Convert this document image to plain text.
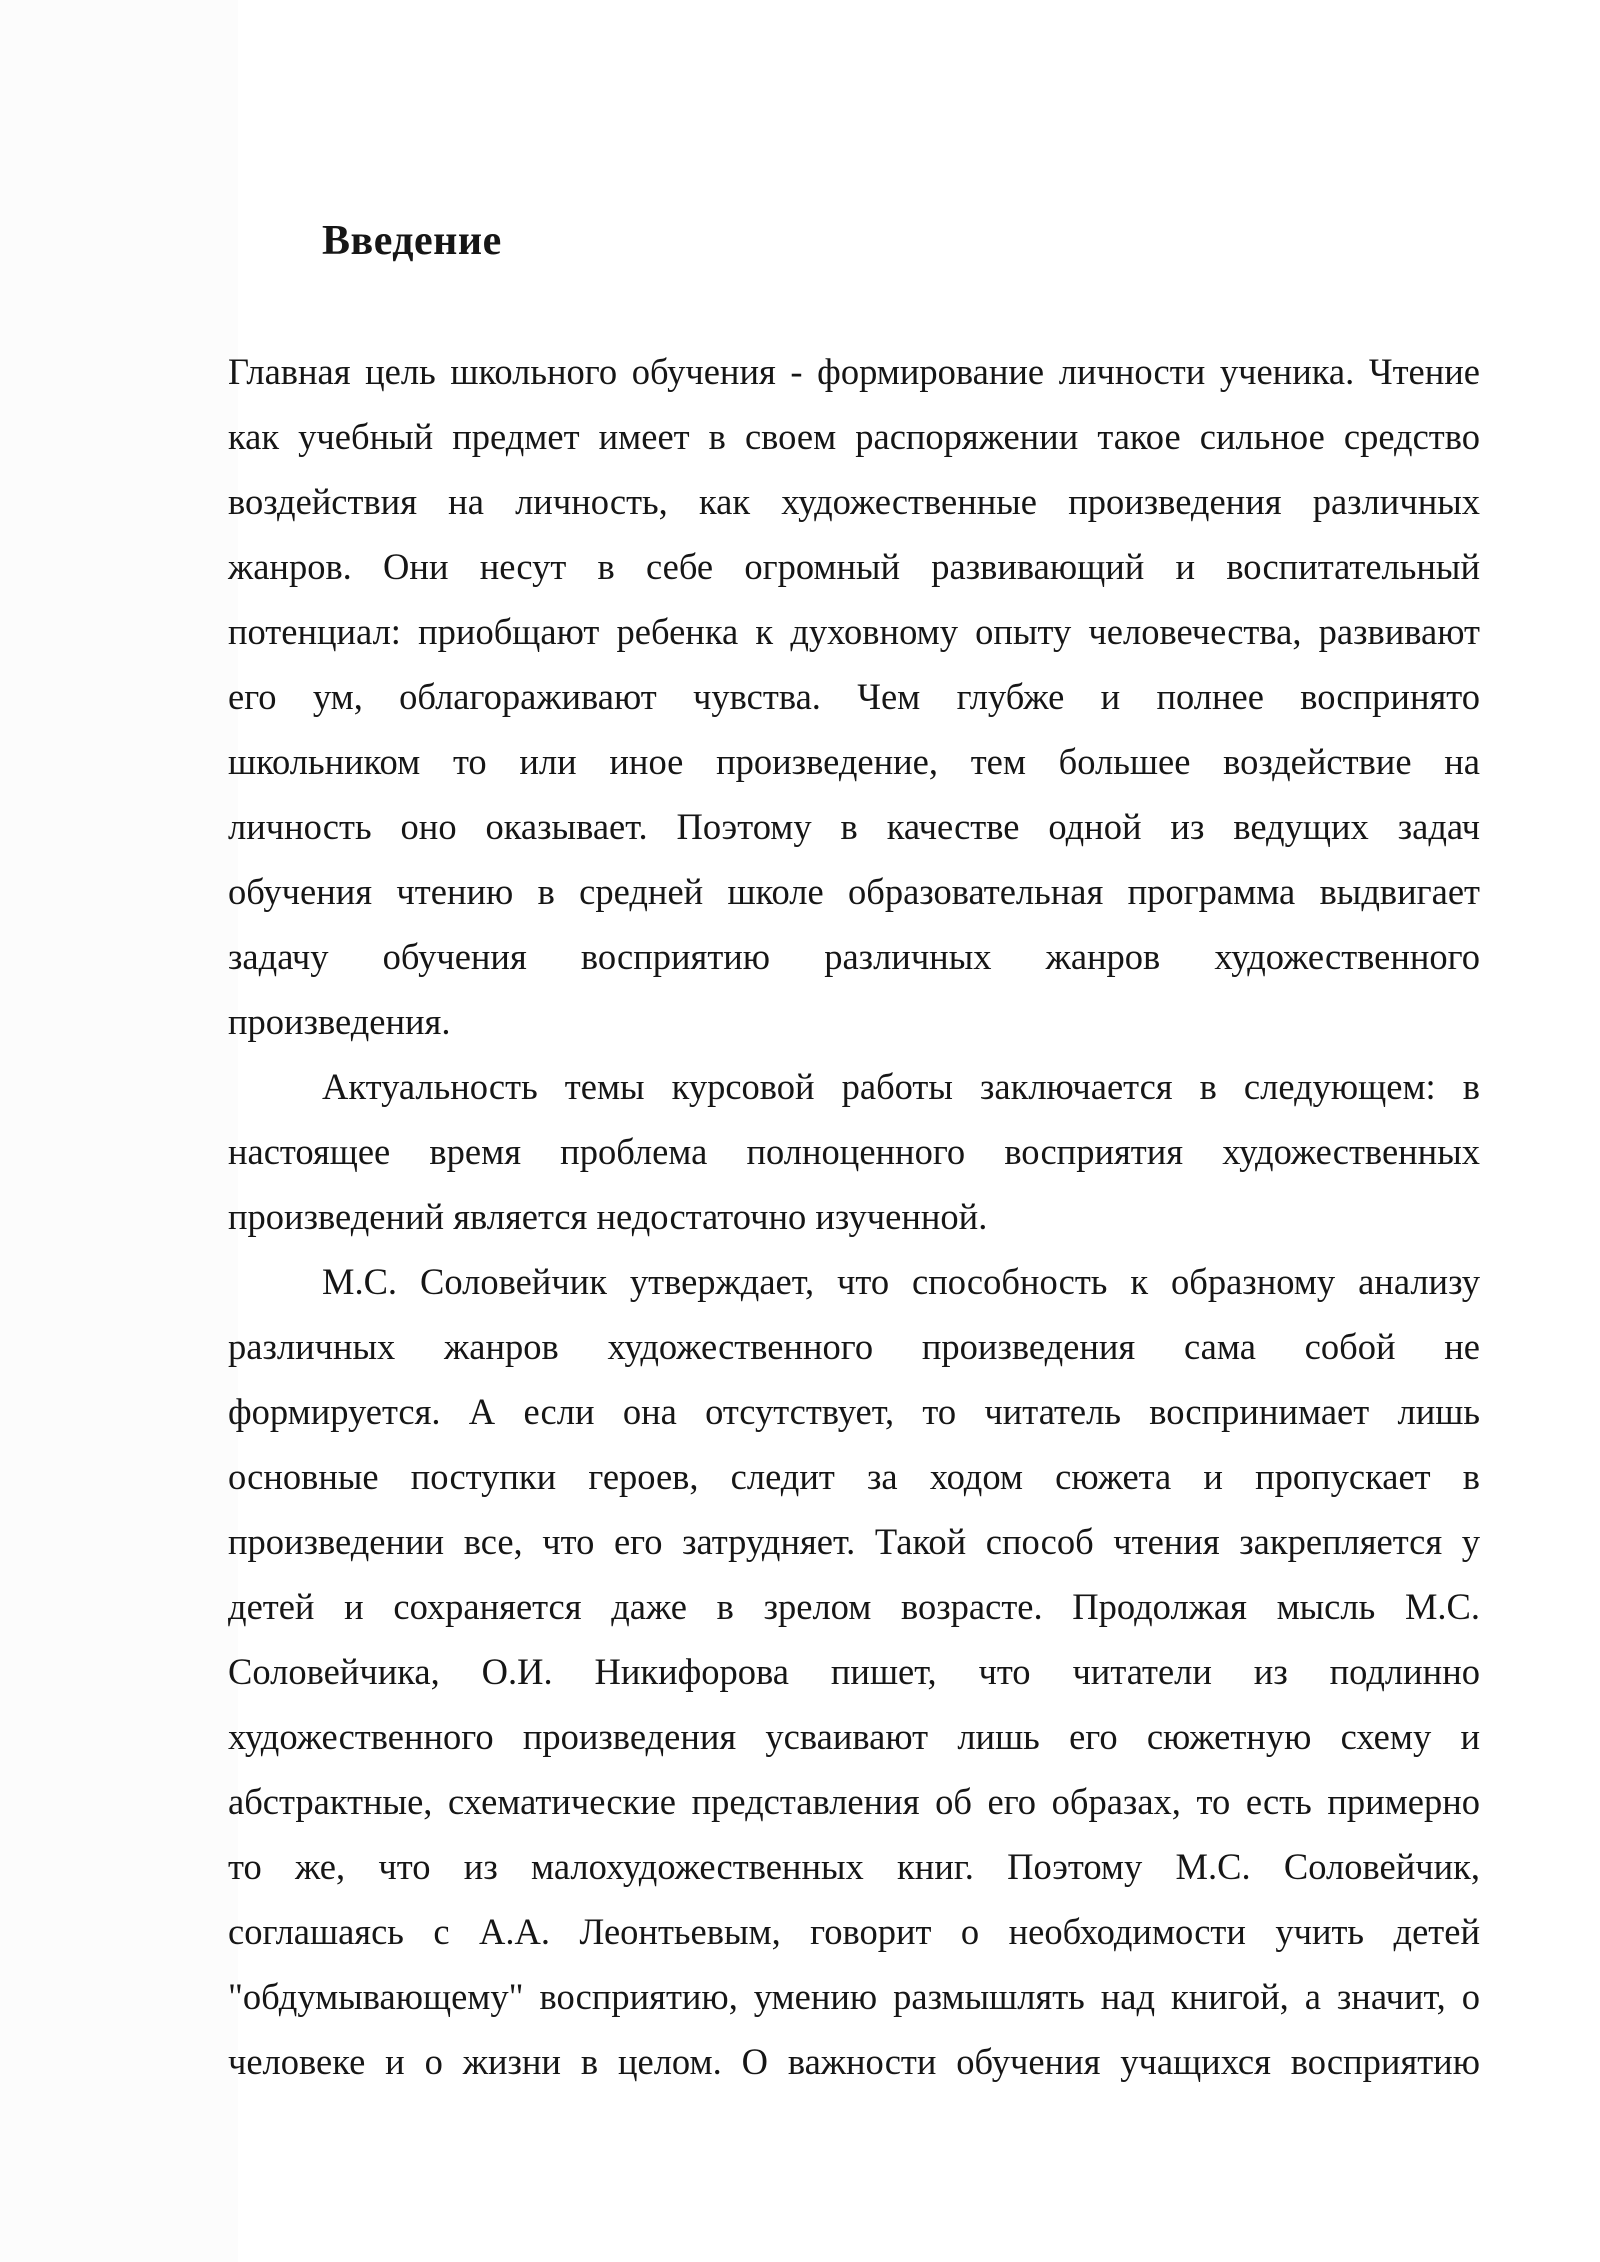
Введение
Главная цель школьного обучения - формирование личности ученика. Чтение
как учебный предмет имеет в своем распоряжении такое сильное средство
воздействия на личность, как художественные произведения различных
жанров. Они несут в себе огромный развивающий и воспитательный
потенциал: приобщают ребенка к духовному опыту человечества, развивают
его ум, облагораживают чувства. Чем глубже и полнее воспринято
школьником то или иное произведение, тем большее воздействие на
личность оно оказывает. Поэтому в качестве одной из ведущих задач
обучения чтению в средней школе образовательная программа выдвигает
задачу обучения восприятию различных жанров художественного
произведения.
Актуальность темы курсовой работы заключается в следующем: в
настоящее время проблема полноценного восприятия художественных
произведений является недостаточно изученной.
М.С. Соловейчик утверждает, что способность к образному анализу
различных жанров художественного произведения сама собой не
формируется. А если она отсутствует, то читатель воспринимает лишь
основные поступки героев, следит за ходом сюжета и пропускает в
произведении все, что его затрудняет. Такой способ чтения закрепляется у
детей и сохраняется даже в зрелом возрасте. Продолжая мысль М.С.
Соловейчика, О.И. Никифорова пишет, что читатели из подлинно
художественного произведения усваивают лишь его сюжетную схему и
абстрактные, схематические представления об его образах, то есть примерно
то же, что из малохудожественных книг. Поэтому М.С. Соловейчик,
соглашаясь с А.А. Леонтьевым, говорит о необходимости учить детей
"обдумывающему" восприятию, умению размышлять над книгой, а значит, о
человеке и о жизни в целом. О важности обучения учащихся восприятию
